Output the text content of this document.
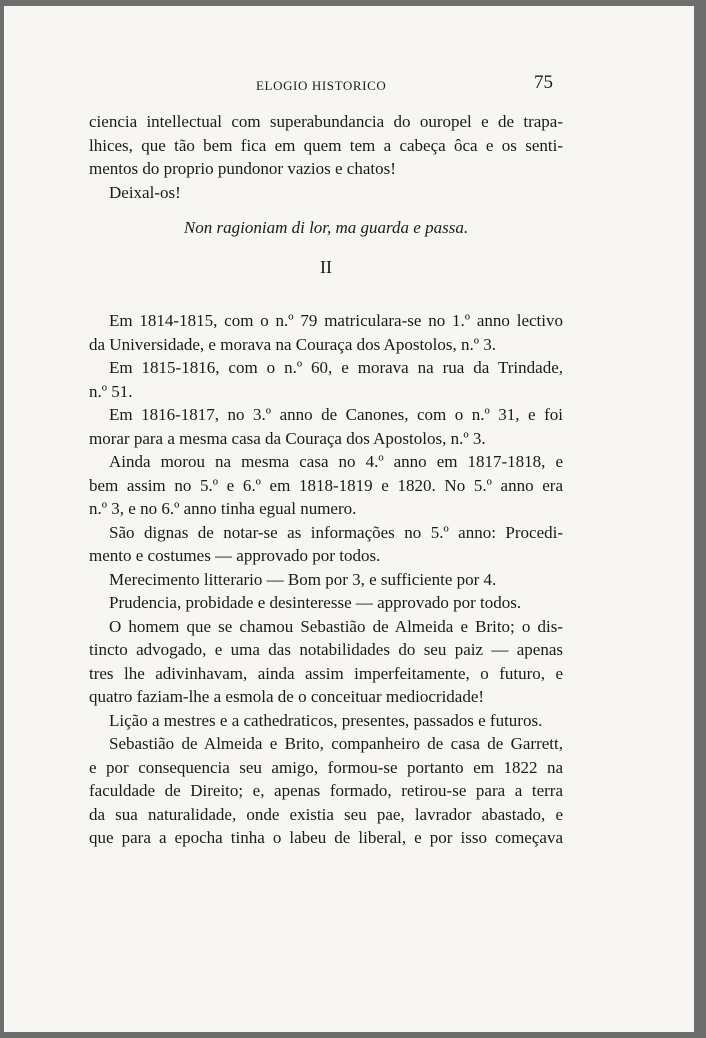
ELOGIO HISTORICO	75
ciencia intellectual com superabundancia do ouropel e de trapa-
lhices, que tão bem fica em quem tem a cabeça ôca e os senti-
mentos do proprio pundonor vazios e chatos!
Deixal-os!
Non ragioniam di lor, ma guarda e passa.
II
Em 1814-1815, com o n.º 79 matriculara-se no 1.º anno lectivo
da Universidade, e morava na Couraça dos Apostolos, n.º 3.
Em 1815-1816, com o n.º 60, e morava na rua da Trindade,
n.º 51.
Em 1816-1817, no 3.º anno de Canones, com o n.º 31, e foi
morar para a mesma casa da Couraça dos Apostolos, n.º 3.
Ainda morou na mesma casa no 4.º anno em 1817-1818, e
bem assim no 5.º e 6.º em 1818-1819 e 1820. No 5.º anno era
n.º 3, e no 6.º anno tinha egual numero.
São dignas de notar-se as informações no 5.º anno: Procedi-
mento e costumes — approvado por todos.
Merecimento litterario — Bom por 3, e sufficiente por 4.
Prudencia, probidade e desinteresse — approvado por todos.
O homem que se chamou Sebastião de Almeida e Brito; o dis-
tincto advogado, e uma das notabilidades do seu paiz — apenas
tres lhe adivinhavam, ainda assim imperfeitamente, o futuro, e
quatro faziam-lhe a esmola de o conceituar mediocridade!
Lição a mestres e a cathedraticos, presentes, passados e futuros.
Sebastião de Almeida e Brito, companheiro de casa de Garrett,
e por consequencia seu amigo, formou-se portanto em 1822 na
faculdade de Direito; e, apenas formado, retirou-se para a terra
da sua naturalidade, onde existia seu pae, lavrador abastado, e
que para a epocha tinha o labeu de liberal, e por isso começava
